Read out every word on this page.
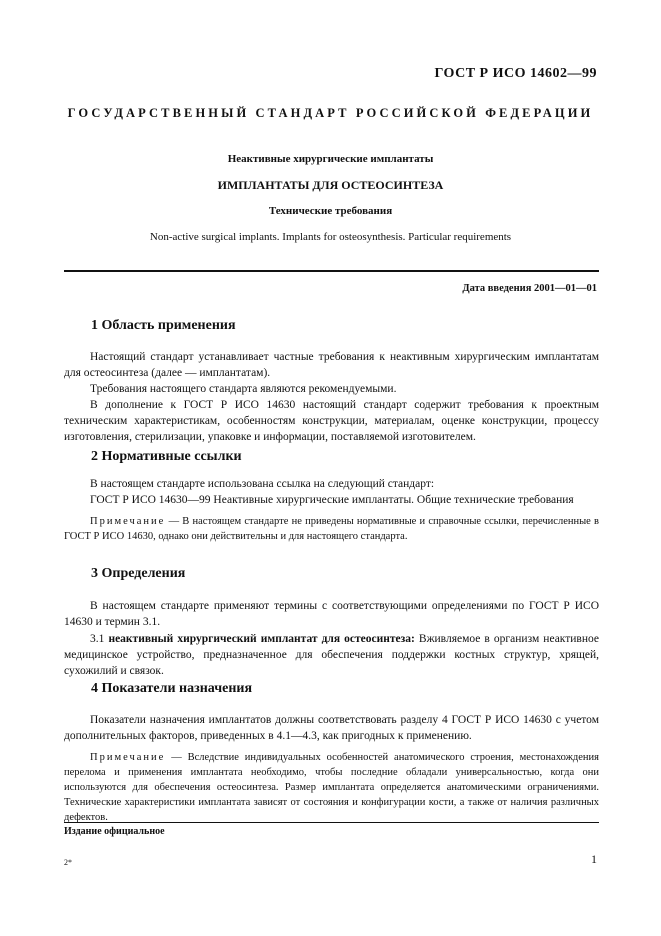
ГОСТ Р ИСО 14602—99
ГОСУДАРСТВЕННЫЙ СТАНДАРТ РОССИЙСКОЙ ФЕДЕРАЦИИ
Неактивные хирургические имплантаты
ИМПЛАНТАТЫ ДЛЯ ОСТЕОСИНТЕЗА
Технические требования
Non-active surgical implants. Implants for osteosynthesis. Particular requirements
Дата введения 2001—01—01
1 Область применения

Настоящий стандарт устанавливает частные требования к неактивным хирургическим имплантатам для остеосинтеза (далее — имплантатам).

Требования настоящего стандарта являются рекомендуемыми.

В дополнение к ГОСТ Р ИСО 14630 настоящий стандарт содержит требования к проектным техническим характеристикам, особенностям конструкции, материалам, оценке конструкции, процессу изготовления, стерилизации, упаковке и информации, поставляемой изготовителем.

2 Нормативные ссылки

В настоящем стандарте использована ссылка на следующий стандарт:

ГОСТ Р ИСО 14630—99 Неактивные хирургические имплантаты. Общие технические требования

Примечание — В настоящем стандарте не приведены нормативные и справочные ссылки, перечисленные в ГОСТ Р ИСО 14630, однако они действительны и для настоящего стандарта.

3 Определения

В настоящем стандарте применяют термины с соответствующими определениями по ГОСТ Р ИСО 14630 и термин 3.1.

3.1 неактивный хирургический имплантат для остеосинтеза: Вживляемое в организм неактивное медицинское устройство, предназначенное для обеспечения поддержки костных структур, хрящей, сухожилий и связок.

4 Показатели назначения

Показатели назначения имплантатов должны соответствовать разделу 4 ГОСТ Р ИСО 14630 с учетом дополнительных факторов, приведенных в 4.1—4.3, как пригодных к применению.

Примечание — Вследствие индивидуальных особенностей анатомического строения, местонахождения перелома и применения имплантата необходимо, чтобы последние обладали универсальностью, когда они используются для обеспечения остеосинтеза. Размер имплантата определяется анатомическими ограничениями. Технические характеристики имплантата зависят от состояния и конфигурации кости, а также от наличия различных дефектов.

Издание официальное
2*	1
